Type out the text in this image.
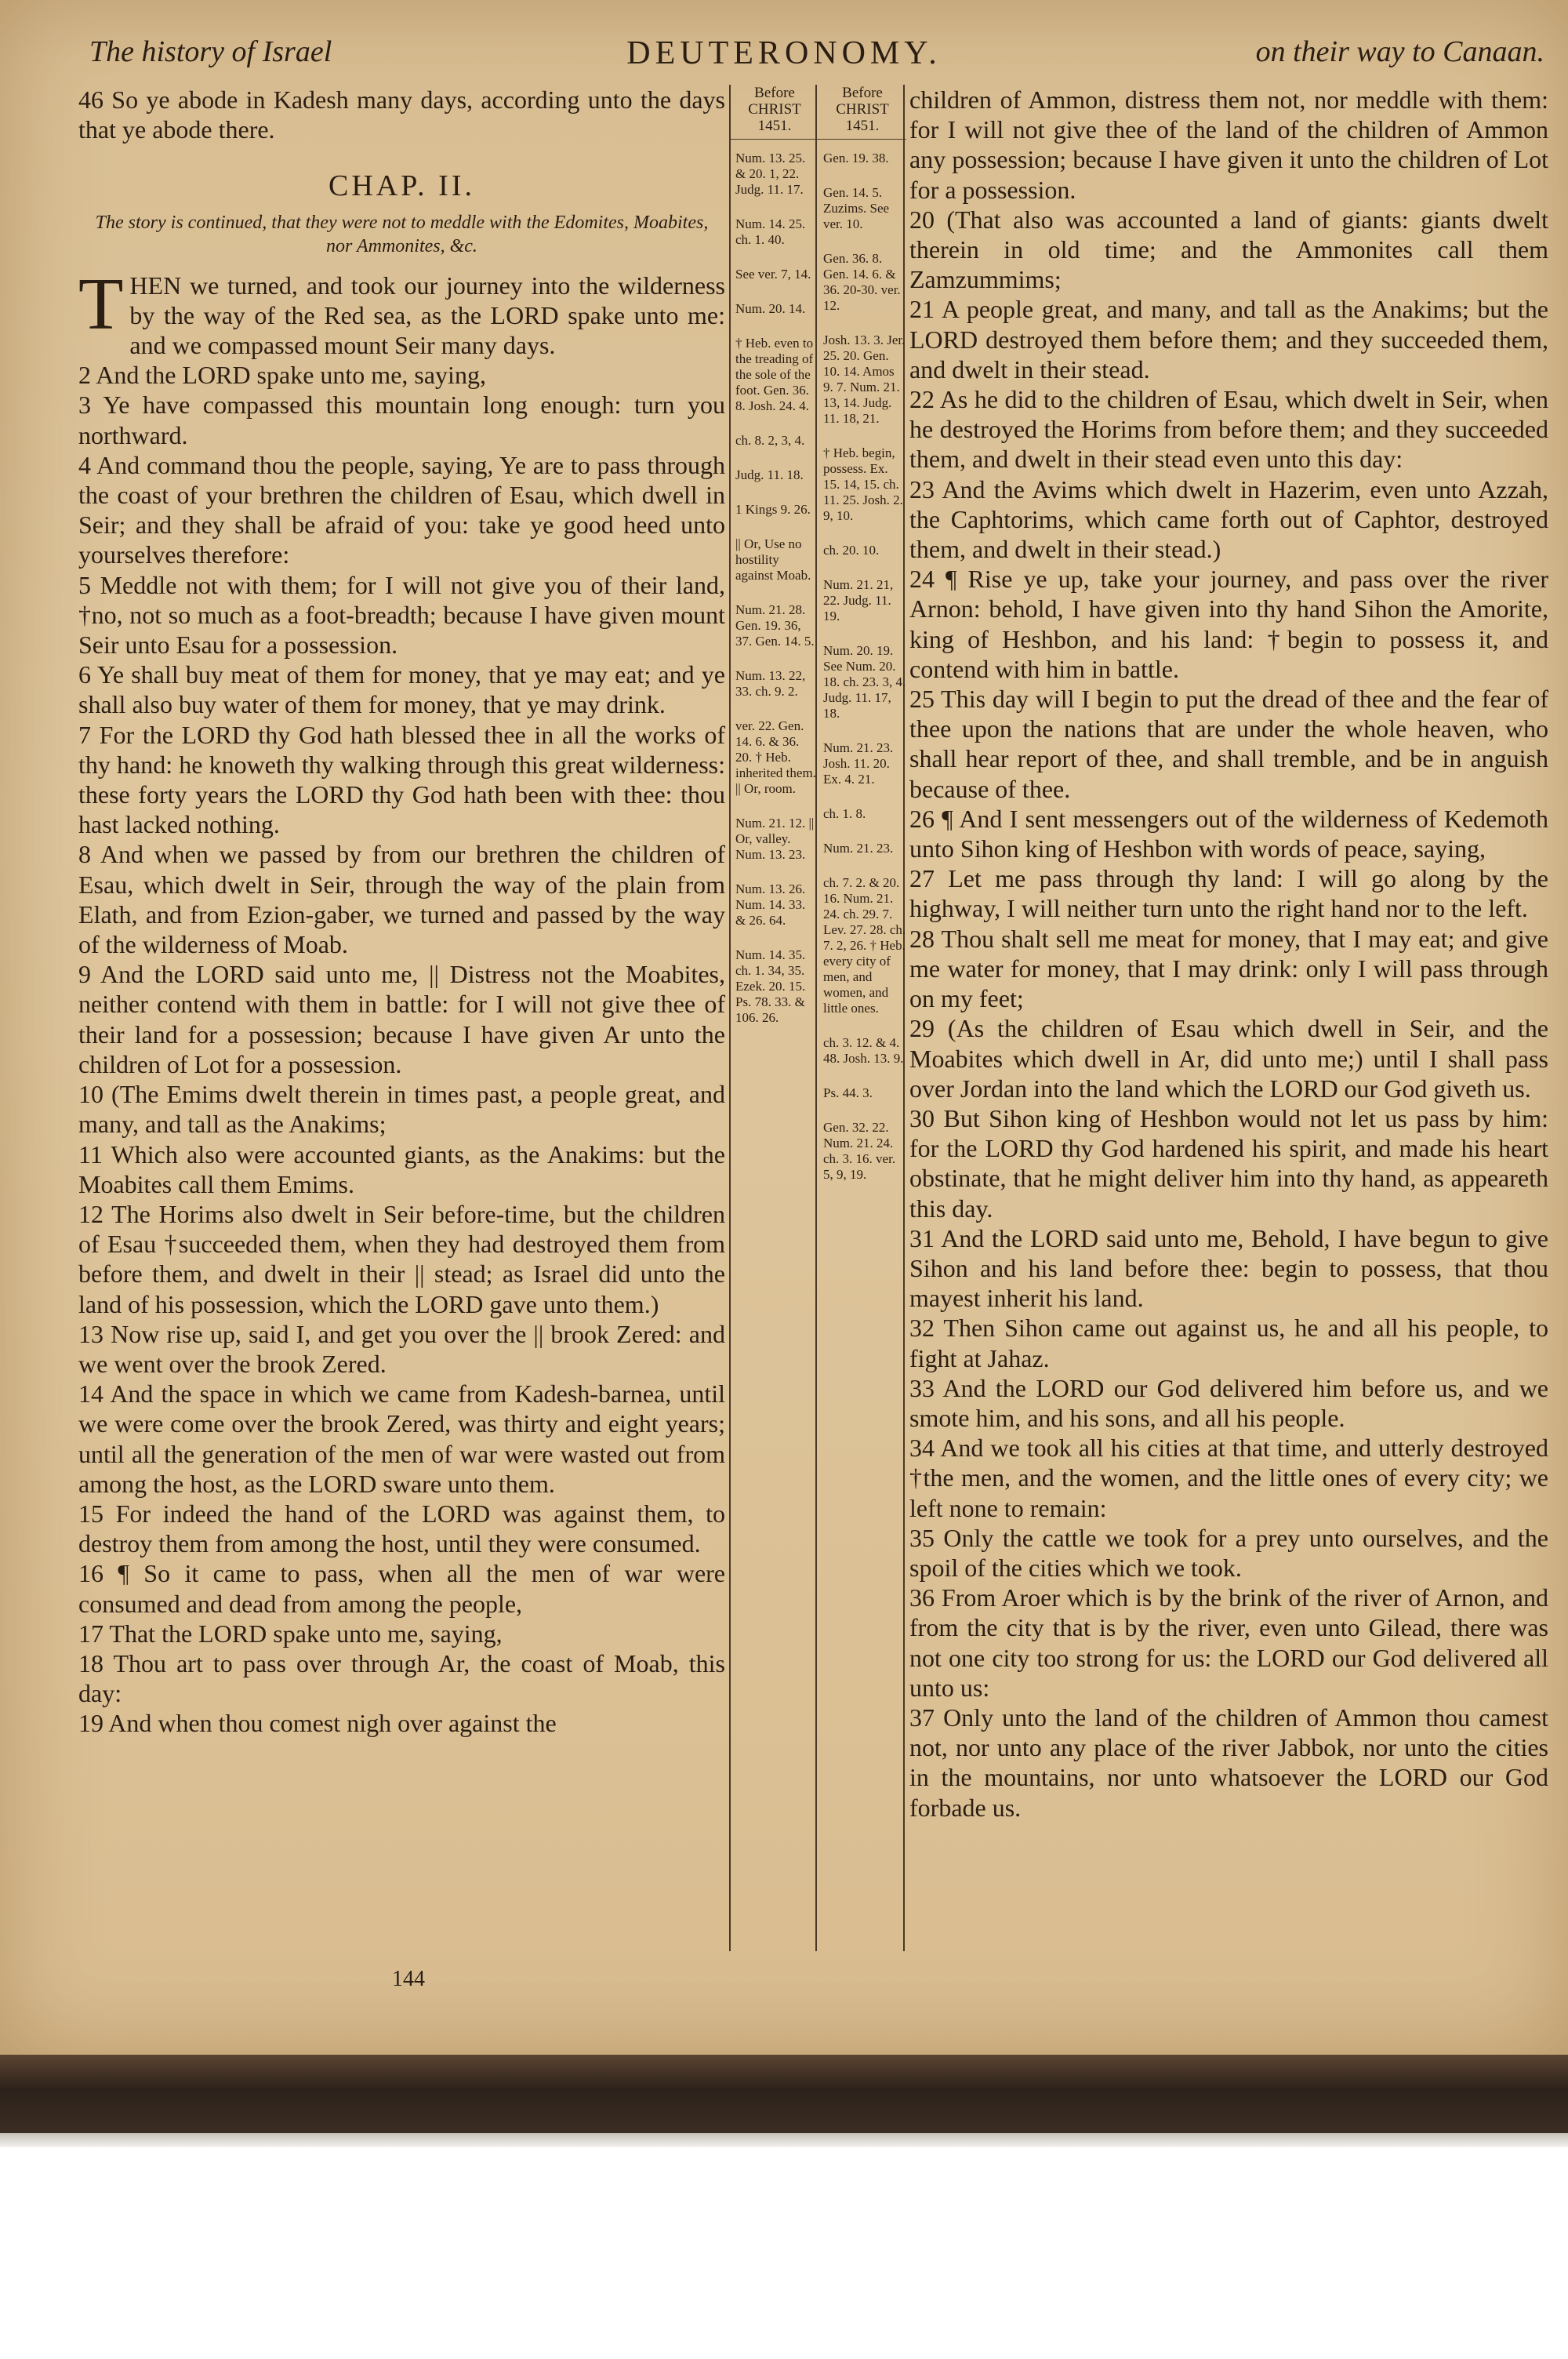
The history of Israel	DEUTERONOMY.	on their way to Canaan.

46 So ye abode in Kadesh many days, according unto the days that ye abode there.

CHAP. II.
The story is continued, that they were not to meddle with the Edomites, Moabites, nor Ammonites, &c.

THEN we turned, and took our journey into the wilderness by the way of the Red sea, as the LORD spake unto me: and we compassed mount Seir many days.

2 And the LORD spake unto me, saying,

3 Ye have compassed this mountain long enough: turn you northward.

4 And command thou the people, saying, Ye are to pass through the coast of your brethren the children of Esau, which dwell in Seir; and they shall be afraid of you: take ye good heed unto yourselves therefore:

5 Meddle not with them; for I will not give you of their land, †no, not so much as a foot-breadth; because I have given mount Seir unto Esau for a possession.

6 Ye shall buy meat of them for money, that ye may eat; and ye shall also buy water of them for money, that ye may drink.

7 For the LORD thy God hath blessed thee in all the works of thy hand: he knoweth thy walking through this great wilderness: these forty years the LORD thy God hath been with thee: thou hast lacked nothing.

8 And when we passed by from our brethren the children of Esau, which dwelt in Seir, through the way of the plain from Elath, and from Ezion-gaber, we turned and passed by the way of the wilderness of Moab.

9 And the LORD said unto me, || Distress not the Moabites, neither contend with them in battle: for I will not give thee of their land for a possession; because I have given Ar unto the children of Lot for a possession.

10 (The Emims dwelt therein in times past, a people great, and many, and tall as the Anakims;

11 Which also were accounted giants, as the Anakims: but the Moabites call them Emims.

12 The Horims also dwelt in Seir before-time, but the children of Esau †succeeded them, when they had destroyed them from before them, and dwelt in their || stead; as Israel did unto the land of his possession, which the LORD gave unto them.)

13 Now rise up, said I, and get you over the || brook Zered: and we went over the brook Zered.

14 And the space in which we came from Kadesh-barnea, until we were come over the brook Zered, was thirty and eight years; until all the generation of the men of war were wasted out from among the host, as the LORD sware unto them.

15 For indeed the hand of the LORD was against them, to destroy them from among the host, until they were consumed.

16 ¶ So it came to pass, when all the men of war were consumed and dead from among the people,

17 That the LORD spake unto me, saying,

18 Thou art to pass over through Ar, the coast of Moab, this day:

19 And when thou comest nigh over against the

Before CHRIST 1451.
Num. 13. 25. & 20. 1, 22. Judg. 11. 17.
Num. 14. 25. ch. 1. 40.
See ver. 7, 14.
Num. 20. 14.
† Heb. even to the treading of the sole of the foot. Gen. 36. 8. Josh. 24. 4.
ch. 8. 2, 3, 4.
Judg. 11. 18.
1 Kings 9. 26.
|| Or, Use no hostility against Moab.
Num. 21. 28. Gen. 19. 36, 37. Gen. 14. 5.
Num. 13. 22, 33. ch. 9. 2.
ver. 22. Gen. 14. 6. & 36. 20. † Heb. inherited them. || Or, room.
Num. 21. 12. || Or, valley. Num. 13. 23.
Num. 13. 26. Num. 14. 33. & 26. 64.
Num. 14. 35. ch. 1. 34, 35. Ezek. 20. 15. Ps. 78. 33. & 106. 26.
Before CHRIST 1451.
Gen. 19. 38.
Gen. 14. 5. Zuzims. See ver. 10.
Gen. 36. 8. Gen. 14. 6. & 36. 20-30. ver. 12.
Josh. 13. 3. Jer. 25. 20. Gen. 10. 14. Amos 9. 7. Num. 21. 13, 14. Judg. 11. 18, 21.
† Heb. begin, possess. Ex. 15. 14, 15. ch. 11. 25. Josh. 2. 9, 10.
ch. 20. 10.
Num. 21. 21, 22. Judg. 11. 19.
Num. 20. 19. See Num. 20. 18. ch. 23. 3, 4. Judg. 11. 17, 18.
Num. 21. 23. Josh. 11. 20. Ex. 4. 21.
ch. 1. 8.
Num. 21. 23.
ch. 7. 2. & 20. 16. Num. 21. 24. ch. 29. 7. Lev. 27. 28. ch. 7. 2, 26. † Heb. every city of men, and women, and little ones.
ch. 3. 12. & 4. 48. Josh. 13. 9.
Ps. 44. 3.
Gen. 32. 22. Num. 21. 24. ch. 3. 16. ver. 5, 9, 19.

children of Ammon, distress them not, nor meddle with them: for I will not give thee of the land of the children of Ammon any possession; because I have given it unto the children of Lot for a possession.

20 (That also was accounted a land of giants: giants dwelt therein in old time; and the Ammonites call them Zamzummims;

21 A people great, and many, and tall as the Anakims; but the LORD destroyed them before them; and they succeeded them, and dwelt in their stead.

22 As he did to the children of Esau, which dwelt in Seir, when he destroyed the Horims from before them; and they succeeded them, and dwelt in their stead even unto this day:

23 And the Avims which dwelt in Hazerim, even unto Azzah, the Caphtorims, which came forth out of Caphtor, destroyed them, and dwelt in their stead.)

24 ¶ Rise ye up, take your journey, and pass over the river Arnon: behold, I have given into thy hand Sihon the Amorite, king of Heshbon, and his land: †begin to possess it, and contend with him in battle.

25 This day will I begin to put the dread of thee and the fear of thee upon the nations that are under the whole heaven, who shall hear report of thee, and shall tremble, and be in anguish because of thee.

26 ¶ And I sent messengers out of the wilderness of Kedemoth unto Sihon king of Heshbon with words of peace, saying,

27 Let me pass through thy land: I will go along by the highway, I will neither turn unto the right hand nor to the left.

28 Thou shalt sell me meat for money, that I may eat; and give me water for money, that I may drink: only I will pass through on my feet;

29 (As the children of Esau which dwell in Seir, and the Moabites which dwell in Ar, did unto me;) until I shall pass over Jordan into the land which the LORD our God giveth us.

30 But Sihon king of Heshbon would not let us pass by him: for the LORD thy God hardened his spirit, and made his heart obstinate, that he might deliver him into thy hand, as appeareth this day.

31 And the LORD said unto me, Behold, I have begun to give Sihon and his land before thee: begin to possess, that thou mayest inherit his land.

32 Then Sihon came out against us, he and all his people, to fight at Jahaz.

33 And the LORD our God delivered him before us, and we smote him, and his sons, and all his people.

34 And we took all his cities at that time, and utterly destroyed †the men, and the women, and the little ones of every city; we left none to remain:

35 Only the cattle we took for a prey unto ourselves, and the spoil of the cities which we took.

36 From Aroer which is by the brink of the river of Arnon, and from the city that is by the river, even unto Gilead, there was not one city too strong for us: the LORD our God delivered all unto us:

37 Only unto the land of the children of Ammon thou camest not, nor unto any place of the river Jabbok, nor unto the cities in the mountains, nor unto whatsoever the LORD our God forbade us.

144
